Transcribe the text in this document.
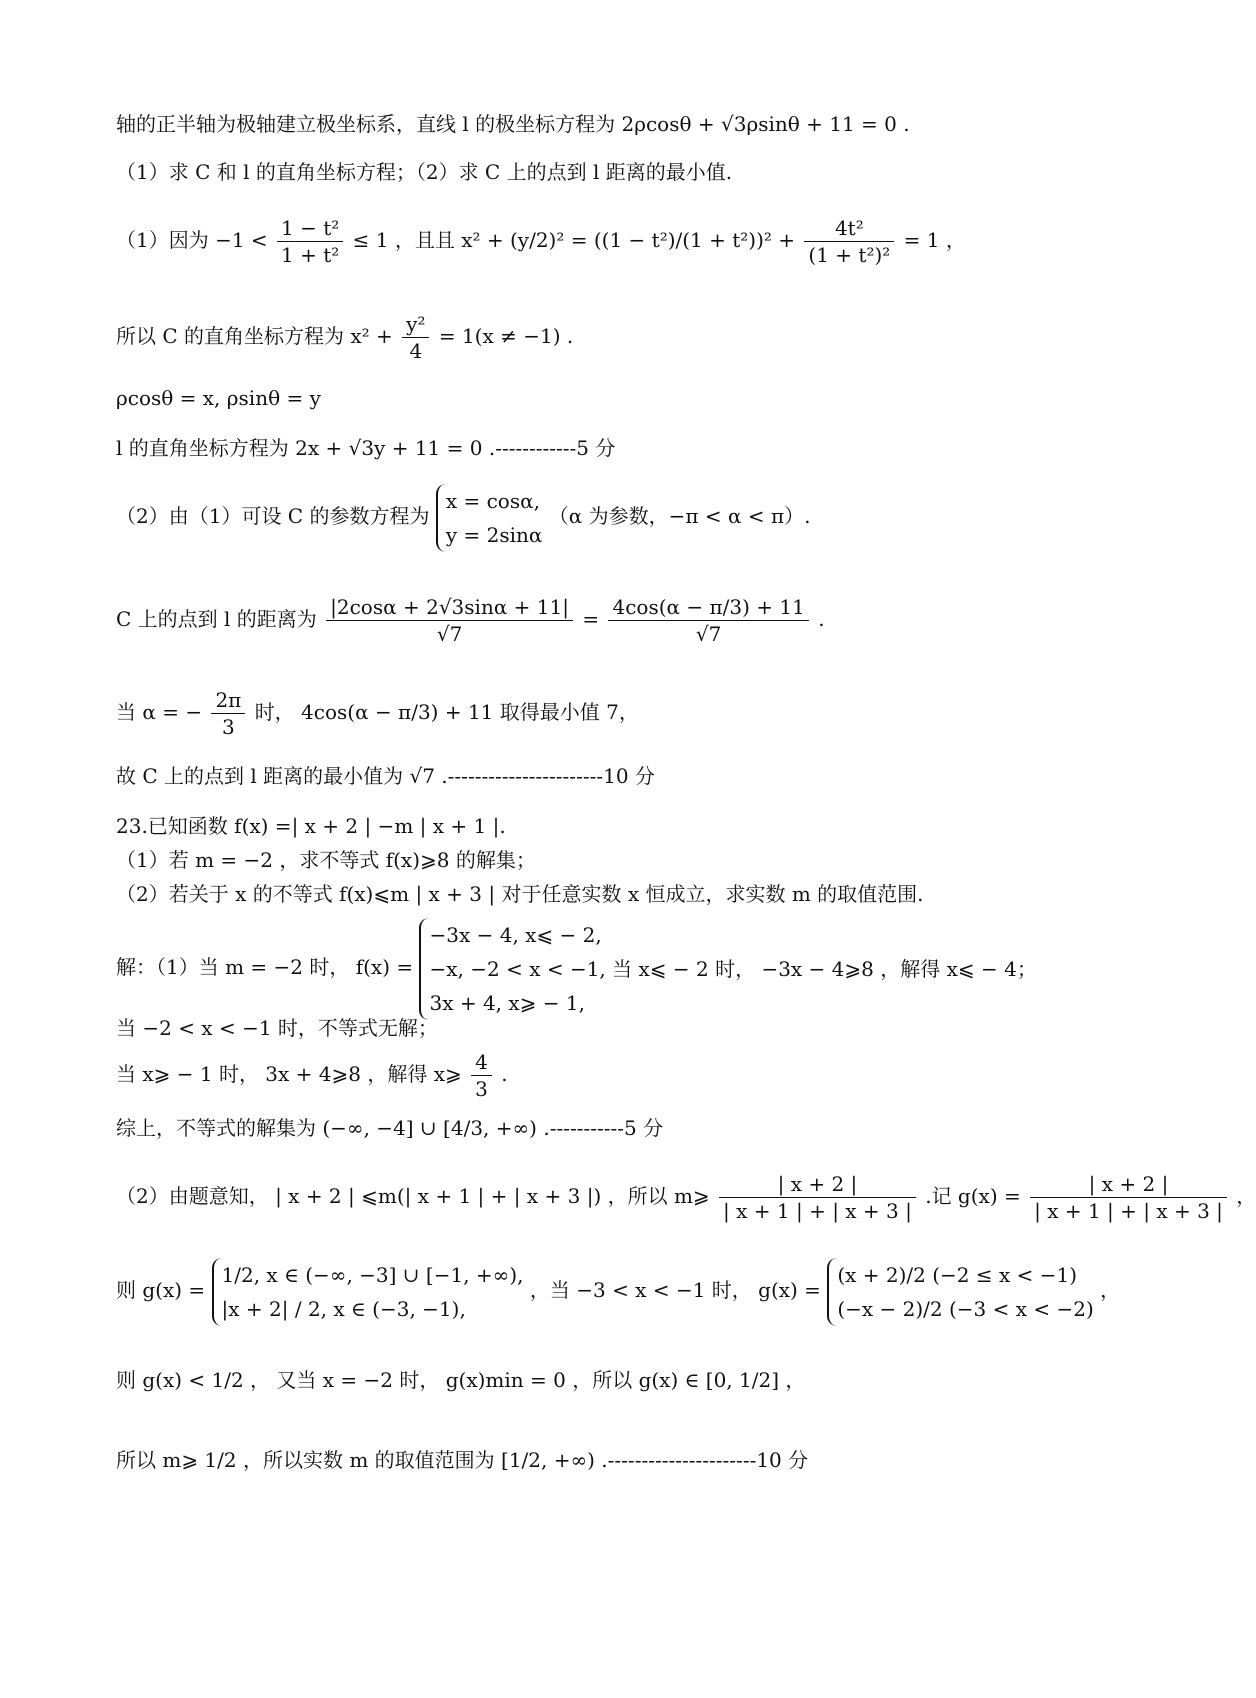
轴的正半轴为极轴建立极坐标系，直线 l 的极坐标方程为 2ρcosθ + √3ρsinθ + 11 = 0 .
（1）求 C 和 l 的直角坐标方程；（2）求 C 上的点到 l 距离的最小值.
（1）因为 $-1 < \frac{\text{1 − t²}}{\text{1 + t²}} \le 1$ ，且且 $x^2 + (y/2)^2 = ((1 - t^2)/(1 + t^2))^2 + \frac{\text{4t²}}{\text{(1 + t²)²}} = 1$ ，
所以 C 的直角坐标方程为 $x^2 + \frac{\text{y²}}{4} = 1(x \ne -1)$ .
ρcosθ = x, ρsinθ = y
l 的直角坐标方程为 2x + √3y + 11 = 0 .------------5 分
（2）由（1）可设 C 的参数方程为
x = cosα,
y = 2sinα
（α 为参数，−π < α < π）.
C 上的点到 l 的距离为 $\frac{|2\cos\alpha + 2√3\sin\alpha + 11|}{√7} = \frac{4\cos(\alpha - \pi/3) + 11}{√7}$ .
当 α = − $\frac{2\pi}{3}$ 时， 4cos(α − π/3) + 11 取得最小值 7，
故 C 上的点到 l 距离的最小值为 √7 .-----------------------10 分
23.已知函数 f(x) =| x + 2 | −m | x + 1 |.
（1）若 m = −2 ，求不等式 f(x)⩾8 的解集；
（2）若关于 x 的不等式 f(x)⩽m | x + 3 | 对于任意实数 x 恒成立，求实数 m 的取值范围.
解：（1）当 m = −2 时， f(x) =
−3x − 4, x⩽ − 2,
−x, −2 < x < −1, 当 x⩽ − 2 时， −3x − 4⩾8 ，解得 x⩽ − 4；
3x + 4, x⩾ − 1,
当 −2 < x < −1 时，不等式无解；
当 x⩾ − 1 时， 3x + 4⩾8 ，解得 x⩾ $\frac{4}{3}$ .
综上，不等式的解集为 (−∞, −4] ∪ [4/3, +∞) .-----------5 分
（2）由题意知， | x + 2 | ⩽m(| x + 1 | + | x + 3 |) ，所以 m⩾ $\frac{| x + 2 |}{| x + 1 | + | x + 3 |}$ .记 $g(x) = \frac{| x + 2 |}{| x + 1 | + | x + 3 |}$ ，
则 g(x) =
1/2, x ∈ (−∞, −3] ∪ [−1, +∞),
|x + 2| / 2, x ∈ (−3, −1),
，当 −3 < x < −1 时， g(x) =
(x + 2)/2 (−2 ≤ x < −1)
(−x − 2)/2 (−3 < x < −2)
，
则 g(x) < 1/2 ， 又当 x = −2 时， g(x)min = 0 ，所以 g(x) ∈ [0, 1/2] ，
所以 m⩾ 1/2 ，所以实数 m 的取值范围为 [1/2, +∞) .----------------------10 分
